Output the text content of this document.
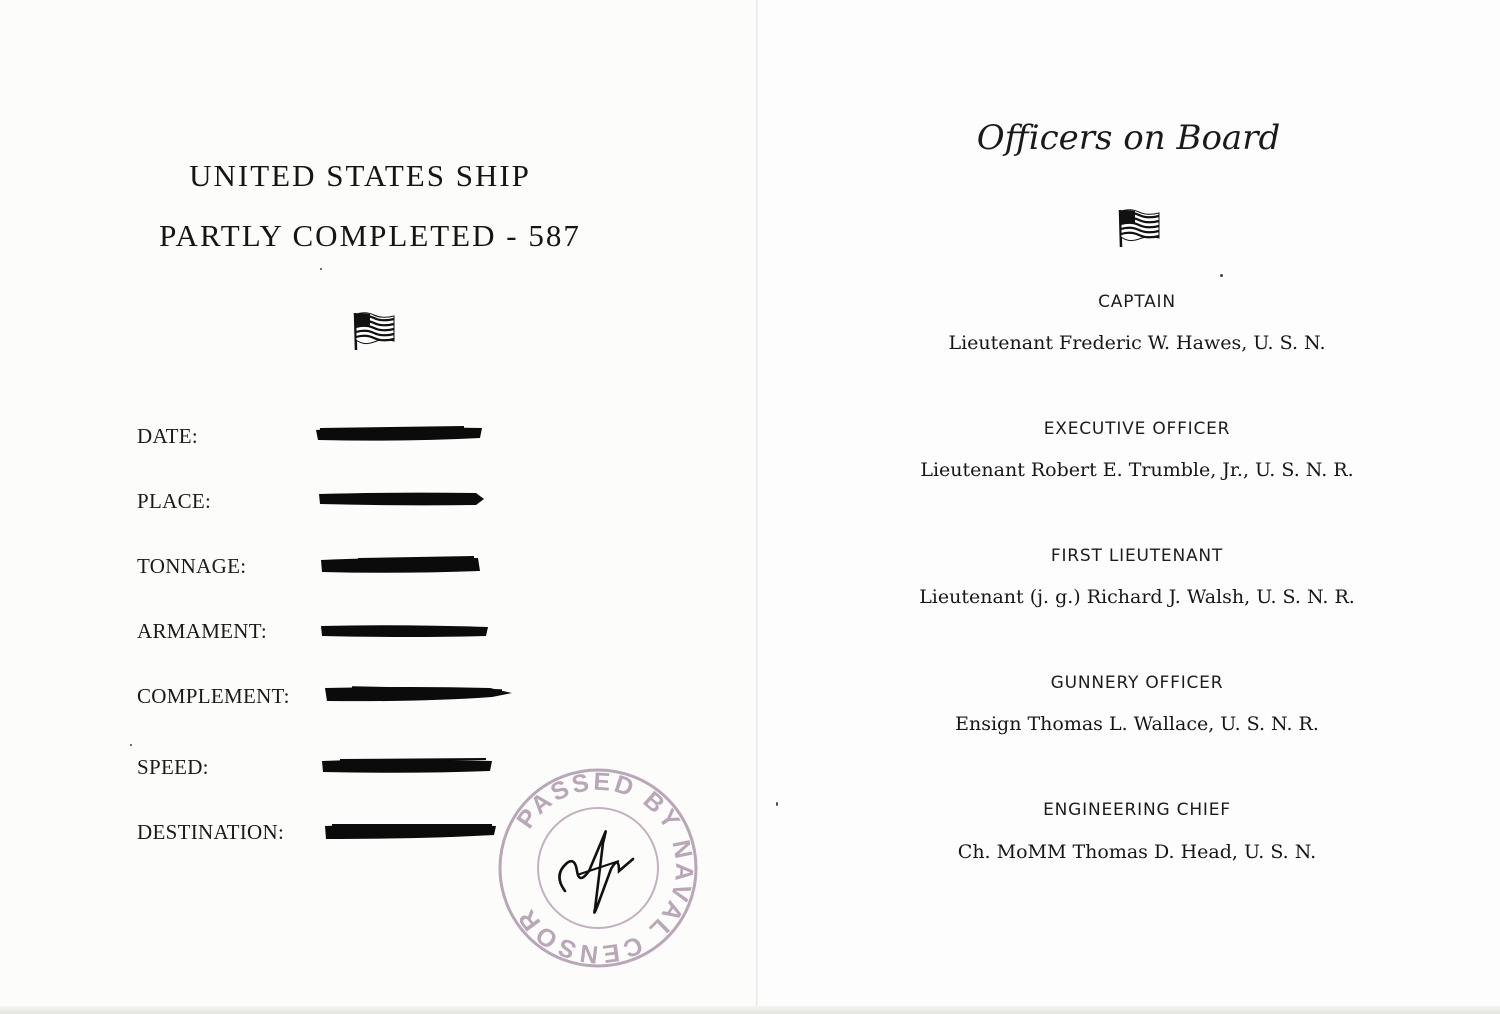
UNITED STATES SHIP
PARTLY COMPLETED - 587
DATE:
PLACE:
TONNAGE:
ARMAMENT:
COMPLEMENT:
SPEED:
DESTINATION:	PASSED BY NAVAL CENSOR
Officers on Board
CAPTAIN
Lieutenant Frederic W. Hawes, U. S. N.
EXECUTIVE OFFICER
Lieutenant Robert E. Trumble, Jr., U. S. N. R.
FIRST LIEUTENANT
Lieutenant (j. g.) Richard J. Walsh, U. S. N. R.
GUNNERY OFFICER
Ensign Thomas L. Wallace, U. S. N. R.
ENGINEERING CHIEF
Ch. MoMM Thomas D. Head, U. S. N.
